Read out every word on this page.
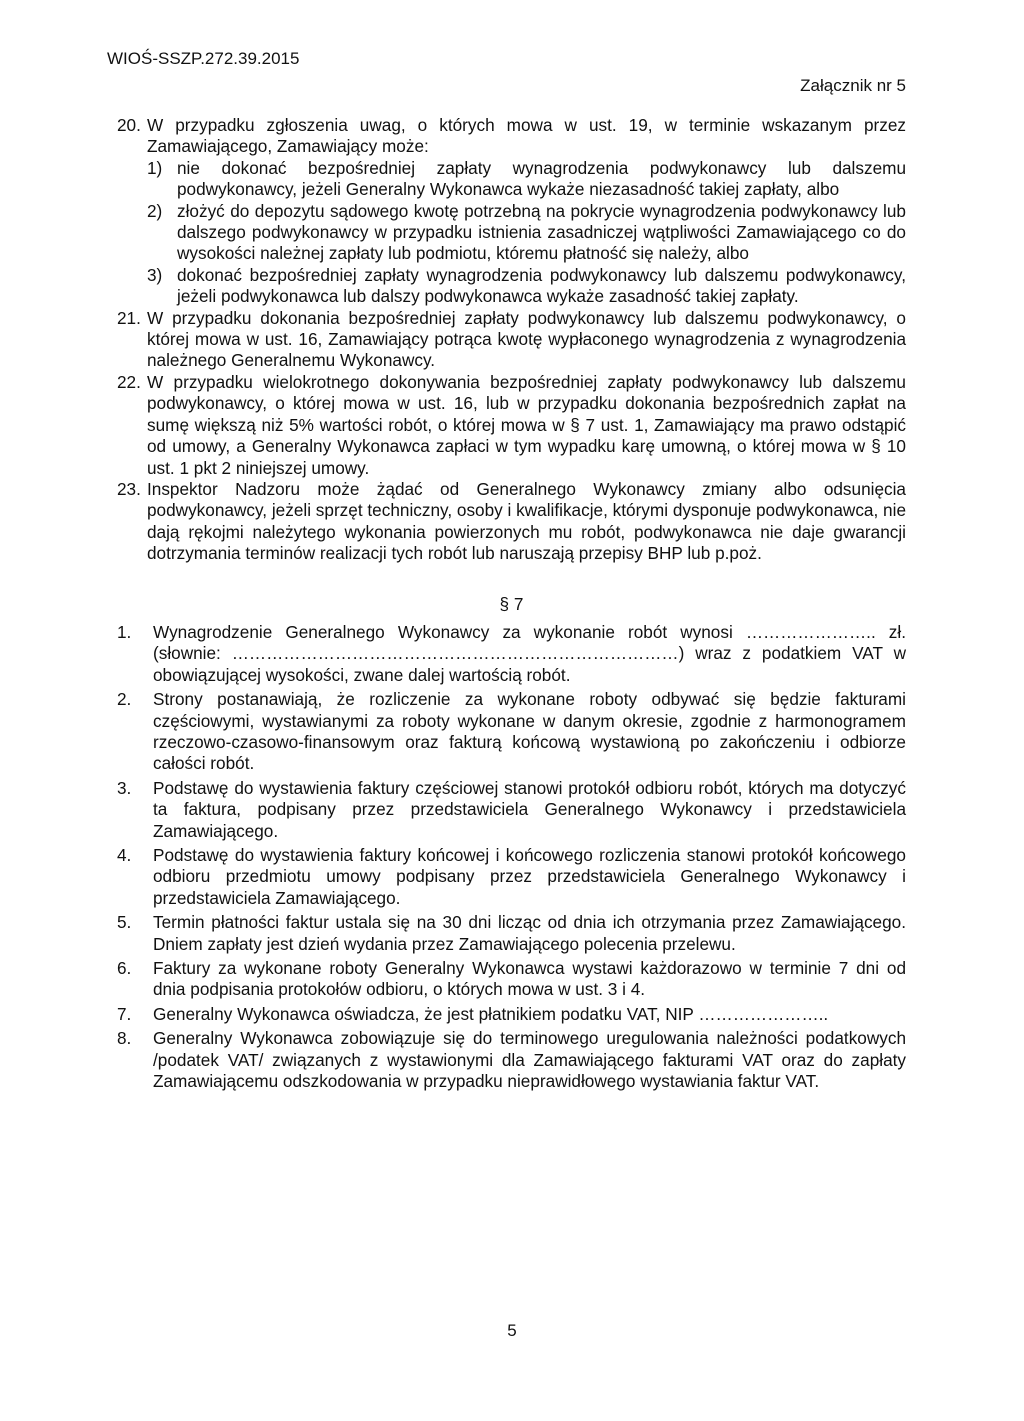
WIOŚ-SSZP.272.39.2015
Załącznik nr 5
20. W przypadku zgłoszenia uwag, o których mowa w ust. 19, w terminie wskazanym przez Zamawiającego, Zamawiający może:
1) nie dokonać bezpośredniej zapłaty wynagrodzenia podwykonawcy lub dalszemu podwykonawcy, jeżeli Generalny Wykonawca wykaże niezasadność takiej zapłaty, albo
2) złożyć do depozytu sądowego kwotę potrzebną na pokrycie wynagrodzenia podwykonawcy lub dalszego podwykonawcy w przypadku istnienia zasadniczej wątpliwości Zamawiającego co do wysokości należnej zapłaty lub podmiotu, któremu płatność się należy, albo
3) dokonać bezpośredniej zapłaty wynagrodzenia podwykonawcy lub dalszemu podwykonawcy, jeżeli podwykonawca lub dalszy podwykonawca wykaże zasadność takiej zapłaty.
21. W przypadku dokonania bezpośredniej zapłaty podwykonawcy lub dalszemu podwykonawcy, o której mowa w ust. 16, Zamawiający potrąca kwotę wypłaconego wynagrodzenia z wynagrodzenia należnego Generalnemu Wykonawcy.
22. W przypadku wielokrotnego dokonywania bezpośredniej zapłaty podwykonawcy lub dalszemu podwykonawcy, o której mowa w ust. 16, lub w przypadku dokonania bezpośrednich zapłat na sumę większą niż 5% wartości robót, o której mowa w § 7 ust. 1, Zamawiający ma prawo odstąpić od umowy, a Generalny Wykonawca zapłaci w tym wypadku karę umowną, o której mowa w § 10 ust. 1 pkt 2 niniejszej umowy.
23. Inspektor Nadzoru może żądać od Generalnego Wykonawcy zmiany albo odsunięcia podwykonawcy, jeżeli sprzęt techniczny, osoby i kwalifikacje, którymi dysponuje podwykonawca, nie dają rękojmi należytego wykonania powierzonych mu robót, podwykonawca nie daje gwarancji dotrzymania terminów realizacji tych robót lub naruszają przepisy BHP lub p.poż.
§ 7
1.	Wynagrodzenie Generalnego Wykonawcy za wykonanie robót wynosi ………………….. zł. (słownie: ……………………………………………………………………) wraz z podatkiem VAT w obowiązującej wysokości, zwane dalej wartością robót.
2.	Strony postanawiają, że rozliczenie za wykonane roboty odbywać się będzie fakturami częściowymi, wystawianymi za roboty wykonane w danym okresie, zgodnie z harmonogramem rzeczowo-czasowo-finansowym oraz fakturą końcową wystawioną po zakończeniu i odbiorze całości robót.
3.	Podstawę do wystawienia faktury częściowej stanowi protokół odbioru robót, których ma dotyczyć ta faktura, podpisany przez przedstawiciela Generalnego Wykonawcy i przedstawiciela Zamawiającego.
4.	Podstawę do wystawienia faktury końcowej i końcowego rozliczenia stanowi protokół końcowego odbioru przedmiotu umowy podpisany przez przedstawiciela Generalnego Wykonawcy i przedstawiciela Zamawiającego.
5.	Termin płatności faktur ustala się na 30 dni licząc od dnia ich otrzymania przez Zamawiającego. Dniem zapłaty jest dzień wydania przez Zamawiającego polecenia przelewu.
6.	Faktury za wykonane roboty Generalny Wykonawca wystawi każdorazowo w terminie 7 dni od dnia podpisania protokołów odbioru, o których mowa w ust. 3 i 4.
7.	Generalny Wykonawca oświadcza, że jest płatnikiem podatku VAT, NIP …………………..
8.	Generalny Wykonawca zobowiązuje się do terminowego uregulowania należności podatkowych /podatek VAT/ związanych z wystawionymi dla Zamawiającego fakturami VAT oraz do zapłaty Zamawiającemu odszkodowania w przypadku nieprawidłowego wystawiania faktur VAT.
5
